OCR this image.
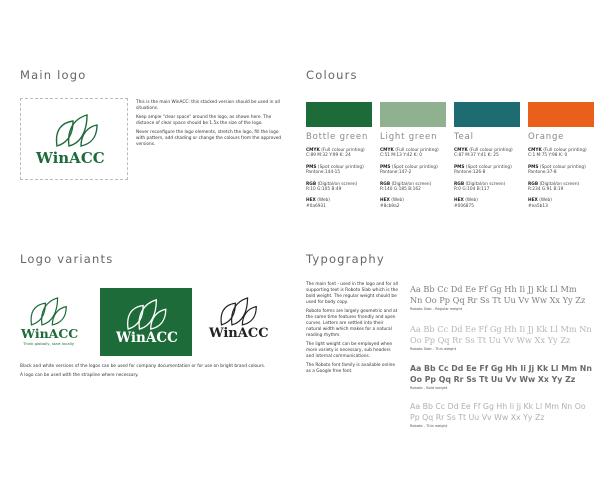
Main logo
WinACC

This is the main WinACC: this stacked version should be used in all situations.

Keep ample "clear space" around the logo, as shown here. The distance of clear space should be 1.5x the size of the logo.

Never reconfigure the logo elements, stretch the logo, fill the logo with pattern, add shading or change the colours from the approved versions.

Colours
Bottle green
CMYK (Full colour printing)
C:89 M:32 Y:99 K: 24
PMS (Spot colour printing)
Pantone:144-15
RGB (Digital/on screen)
R:10 G:105 B:49
HEX (Web)
#0a6931
Light green
CMYK (Full colour printing)
C:51 M:13 Y:42 K: 0
PMS (Spot colour printing)
Pantone:147-2
RGB (Digital/on screen)
R:140 G:185 B:162
HEX (Web)
#8cb9a2
Teal
CMYK (Full colour printing)
C:87 M:37 Y:41 K: 25
PMS (Spot colour printing)
Pantone:126-8
RGB (Digital/on screen)
R:0 G:104 B:117
HEX (Web)
#006875
Orange
CMYK (Full colour printing)
C:1 M:75 Y:98 K: 0
PMS (Spot colour printing)
Pantone:37-8
RGB (Digital/on screen)
R:234 G:91 B:19
HEX (Web)
#ea5b13
Logo variants
WinACC
Think globally, start locally	WinACC WinACC

Black and white versions of the logos can be used for company documentation or for use on bright brand colours.

A logo can be used with the strapline where necessary.

Typography

The main font - used in the logo and for all supporting text is Roboto Slab which is the bold weight. The regular weight should be used for body copy.

Roboto forms are largely geometric and at the same time features friendly and open curves. Letters are settled into their natural width which makes for a natural reading rhythm.

The light weight can be employed when more variety is necessary, sub headers and internal communications.

The Roboto font family is available online as a Google free font.

Aa Bb Cc Dd Ee Ff Gg Hh Ii Jj Kk Ll Mm
Nn Oo Pp Qq Rr Ss Tt Uu Vv Ww Xx Yy Zz
Roboto Slab - Regular weight
Aa Bb Cc Dd Ee Ff Gg Hh Ii Jj Kk Ll Mm Nn
Oo Pp Qq Rr Ss Tt Uu Vv Ww Xx Yy Zz
Roboto Slab - Thin weight
Aa Bb Cc Dd Ee Ff Gg Hh Ii Jj Kk Ll Mm Nn
Oo Pp Qq Rr Ss Tt Uu Vv Ww Xx Yy Zz
Roboto - Bold weight
Aa Bb Cc Dd Ee Ff Gg Hh Ii Jj Kk Ll Mm Nn Oo
Pp Qq Rr Ss Tt Uu Vv Ww Xx Yy Zz
Roboto - Thin weight
